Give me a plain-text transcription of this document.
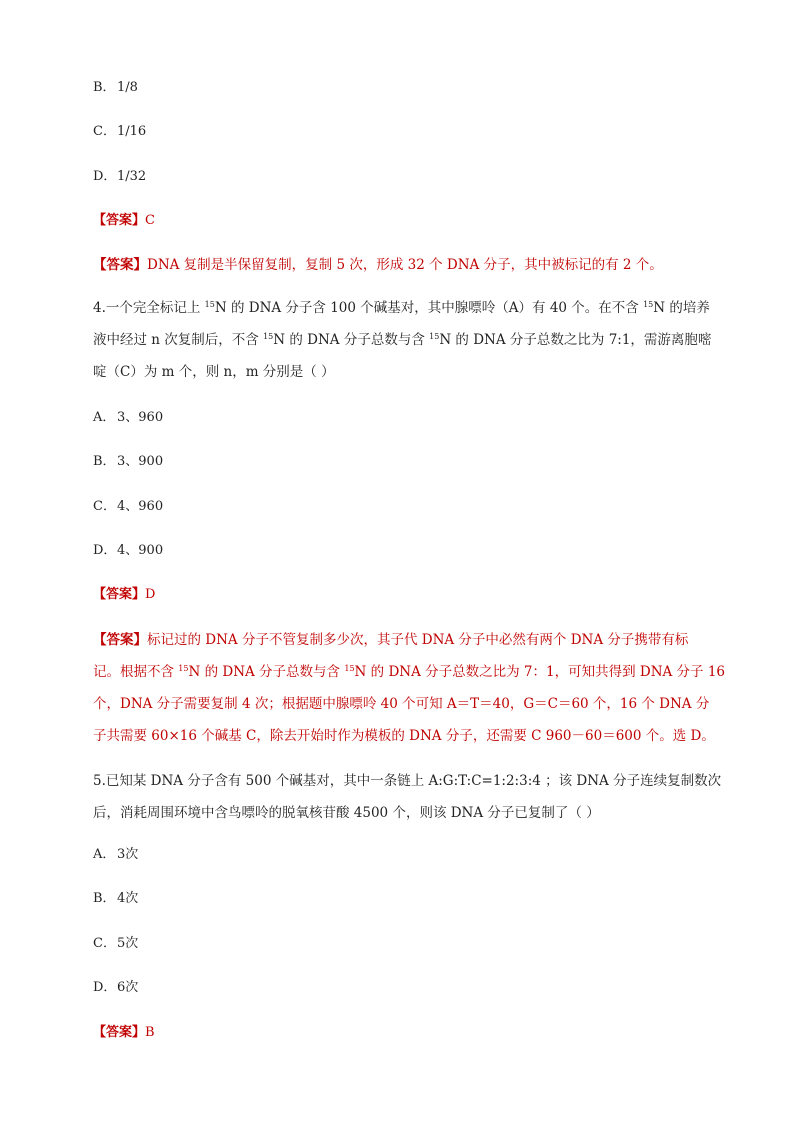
B．1/8
C．1/16
D．1/32
【答案】C
【答案】DNA 复制是半保留复制，复制 5 次，形成 32 个 DNA 分子，其中被标记的有 2 个。
4.一个完全标记上 $^{15}$N 的 DNA 分子含 100 个碱基对，其中腺嘌呤（A）有 40 个。在不含 $^{15}$N 的培养
液中经过 n 次复制后，不含 $^{15}$N 的 DNA 分子总数与含 $^{15}$N 的 DNA 分子总数之比为 7:1，需游离胞嘧
啶（C）为 m 个，则 n，m 分别是（ ）
A． 3、960
B．3、900
C．4、960
D．4、900
【答案】D
【答案】标记过的 DNA 分子不管复制多少次，其子代 DNA 分子中必然有两个 DNA 分子携带有标
记。根据不含 $^{15}$N 的 DNA 分子总数与含 $^{15}$N 的 DNA 分子总数之比为 7：1，可知共得到 DNA 分子 16
个，DNA 分子需要复制 4 次；根据题中腺嘌呤 40 个可知 A＝T＝40，G＝C＝60 个，16 个 DNA 分
子共需要 60×16 个碱基 C，除去开始时作为模板的 DNA 分子，还需要 C 960－60＝600 个。选 D。
5.已知某 DNA 分子含有 500 个碱基对，其中一条链上 A:G:T:C=1:2:3:4 ；该 DNA 分子连续复制数次
后，消耗周围环境中含鸟嘌呤的脱氧核苷酸 4500 个，则该 DNA 分子已复制了（ ）
A． 3次
B．4次
C．5次
D．6次
【答案】B
